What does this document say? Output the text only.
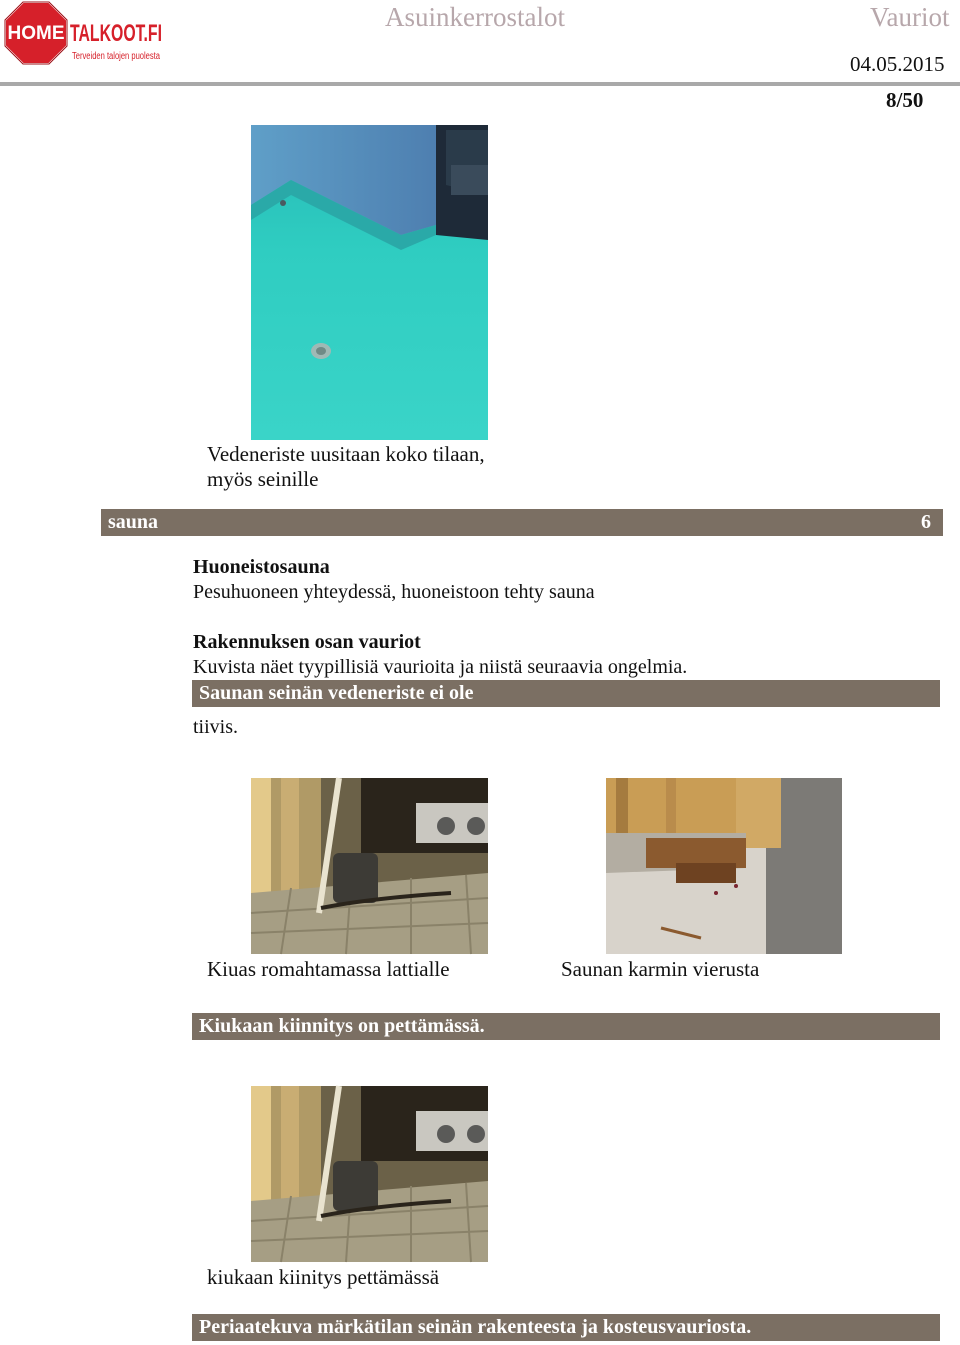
HOME TALKOOT.FI
Terveiden talojen puolesta
Asuinkerrostalot	Vauriot
04.05.2015
8/50
Vedeneriste uusitaan koko tilaan,
myös seinille
sauna	6
Huoneistosauna
Pesuhuoneen yhteydessä, huoneistoon tehty sauna
Rakennuksen osan vauriot
Kuvista näet tyypillisiä vaurioita ja niistä seuraavia ongelmia.
Saunan seinän vedeneriste ei ole
tiivis.
Kiuas romahtamassa lattialle	Saunan karmin vierusta
Kiukaan kiinnitys on pettämässä.
kiukaan kiinitys pettämässä
Periaatekuva märkätilan seinän rakenteesta ja kosteusvauriosta.
